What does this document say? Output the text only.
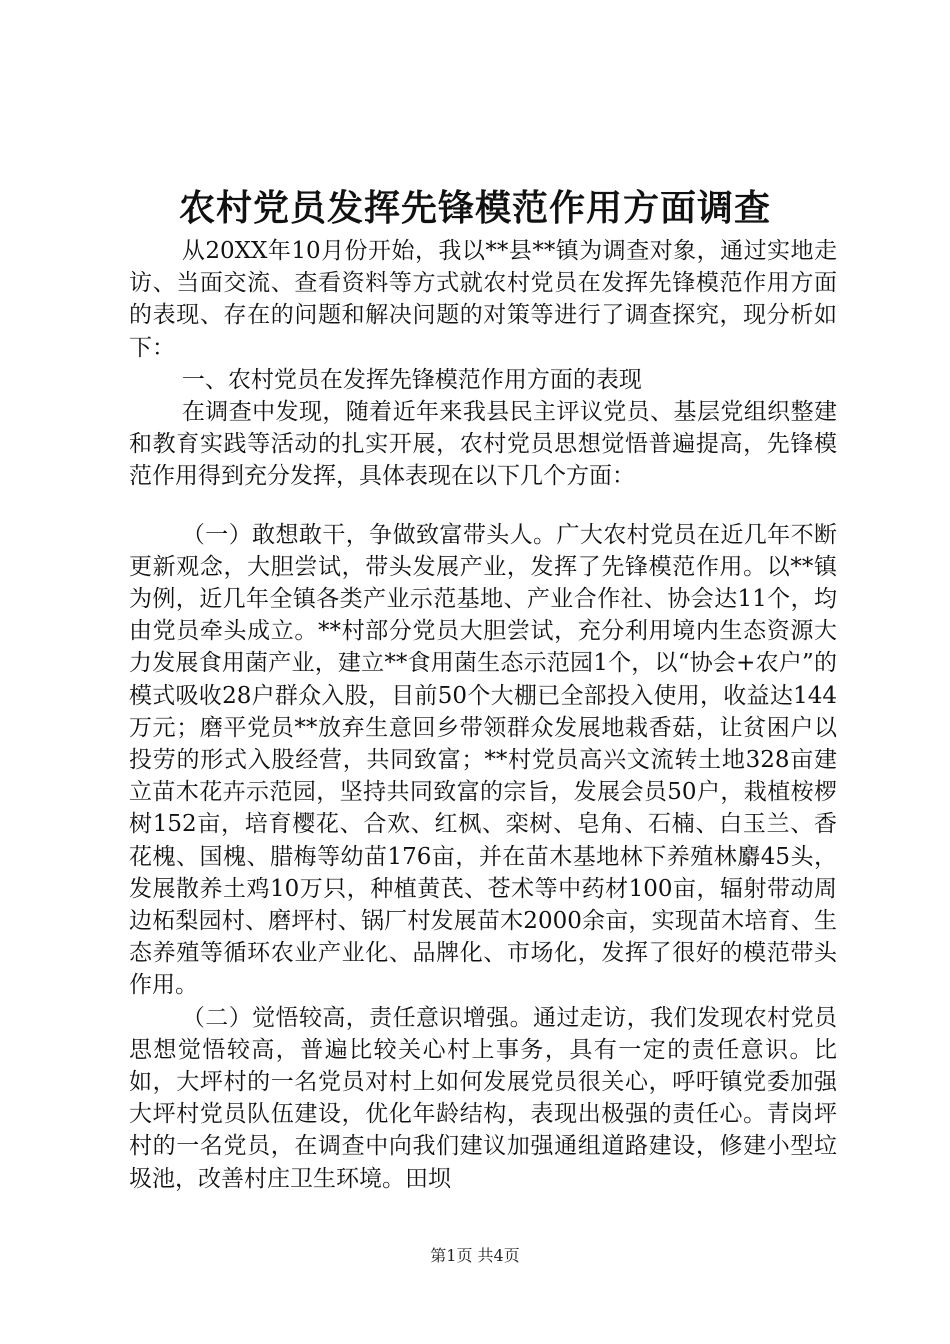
农村党员发挥先锋模范作用方面调查

从20XX年10月份开始，我以**县**镇为调查对象，通过实地走访、当面交流、查看资料等方式就农村党员在发挥先锋模范作用方面的表现、存在的问题和解决问题的对策等进行了调查探究，现分析如下：

一、农村党员在发挥先锋模范作用方面的表现

在调查中发现，随着近年来我县民主评议党员、基层党组织整建和教育实践等活动的扎实开展，农村党员思想觉悟普遍提高，先锋模范作用得到充分发挥，具体表现在以下几个方面：

（一）敢想敢干，争做致富带头人。广大农村党员在近几年不断更新观念，大胆尝试，带头发展产业，发挥了先锋模范作用。以**镇为例，近几年全镇各类产业示范基地、产业合作社、协会达11个，均由党员牵头成立。**村部分党员大胆尝试，充分利用境内生态资源大力发展食用菌产业，建立**食用菌生态示范园1个，以“协会+农户”的模式吸收28户群众入股，目前50个大棚已全部投入使用，收益达144万元；磨平党员**放弃生意回乡带领群众发展地栽香菇，让贫困户以投劳的形式入股经营，共同致富；**村党员高兴文流转土地328亩建立苗木花卉示范园，坚持共同致富的宗旨，发展会员50户，栽植桉椤树152亩，培育樱花、合欢、红枫、栾树、皂角、石楠、白玉兰、香花槐、国槐、腊梅等幼苗176亩，并在苗木基地林下养殖林麝45头，发展散养土鸡10万只，种植黄芪、苍术等中药材100亩，辐射带动周边柘梨园村、磨坪村、锅厂村发展苗木2000余亩，实现苗木培育、生态养殖等循环农业产业化、品牌化、市场化，发挥了很好的模范带头作用。

（二）觉悟较高，责任意识增强。通过走访，我们发现农村党员思想觉悟较高，普遍比较关心村上事务，具有一定的责任意识。比如，大坪村的一名党员对村上如何发展党员很关心，呼吁镇党委加强大坪村党员队伍建设，优化年龄结构，表现出极强的责任心。青岗坪村的一名党员，在调查中向我们建议加强通组道路建设，修建小型垃圾池，改善村庄卫生环境。田坝

第1页 共4页
